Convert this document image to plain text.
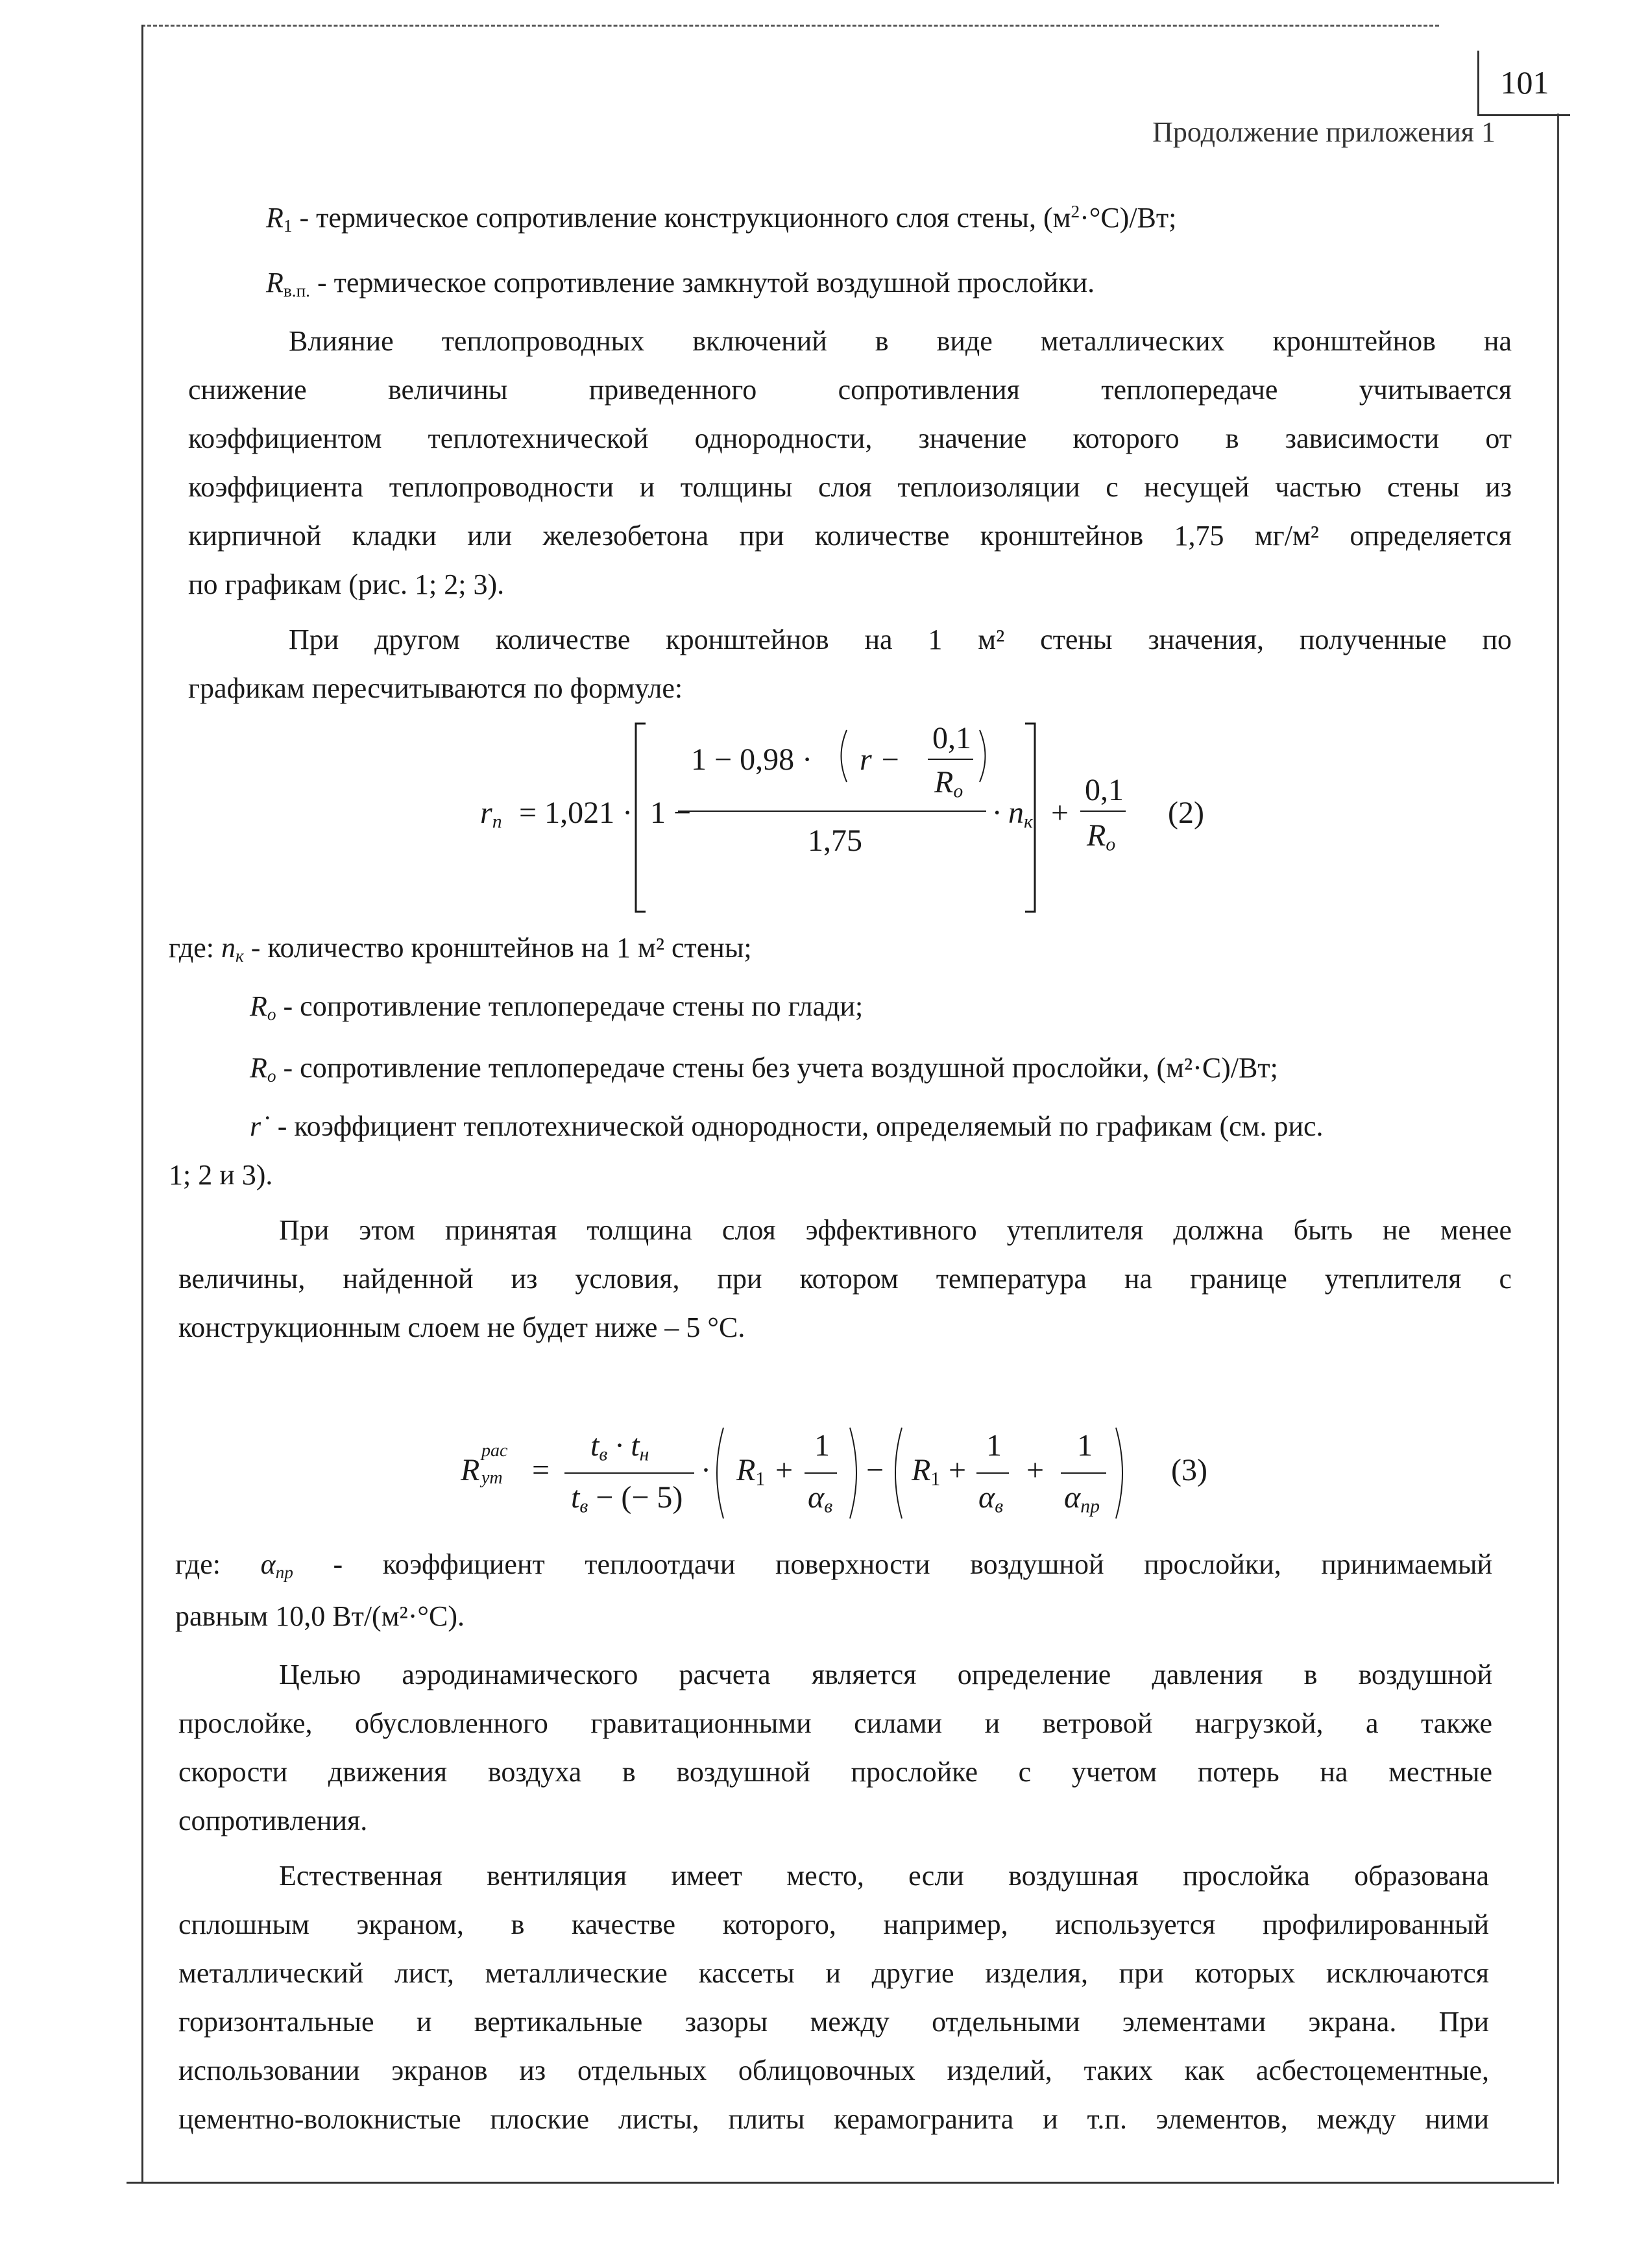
101
Продолжение приложения 1
$R_1$ - термическое сопротивление конструкционного слоя стены, $(м^2\cdot^\circ С)/Вт$;
$R_{в.п.}$ - термическое сопротивление замкнутой воздушной прослойки.
Влияние теплопроводных включений в виде металлических кронштейнов на
снижение величины приведенного сопротивления теплопередаче учитывается
коэффициентом теплотехнической однородности, значение которого в зависимости от
коэффициента теплопроводности и толщины слоя теплоизоляции с несущей частью стены из
кирпичной кладки или железобетона при количестве кронштейнов 1,75 мг/м² определяется
по графикам (рис. 1; 2; 3).
При другом количестве кронштейнов на 1 м² стены значения, полученные по
графикам пересчитываются по формуле:
$r_п = 1,021 \cdot 1$ −
1 − 0,98 · r −
0,1
$R_о$
1,75
· $n_к$ +
0,1
$R_о$
(2)
где: $n_к$ - количество кронштейнов на 1 м² стены;
$R_о$ - сопротивление теплопередаче стены по глади;
$R_о$ - сопротивление теплопередаче стены без учета воздушной прослойки, (м²·С)/Вт;
r˙ - коэффициент теплотехнической однородности, определяемый по графикам (см. рис.
1; 2 и 3).
При этом принятая толщина слоя эффективного утеплителя должна быть не менее
величины, найденной из условия, при котором температура на границе утеплителя с
конструкционным слоем не будет ниже – 5 °С.
R
рас
ут =
$t_в \cdot t_н$
$t_в$ − (− 5)
· $R_1$ +
1
$\alpha_в$
− $R_1$ +
1
$\alpha_в$
+
1
$\alpha_{пр}$
(3)
где: $\alpha_{пр}$ - коэффициент теплоотдачи поверхности воздушной прослойки, принимаемый
равным 10,0 Вт/(м²·°С).
Целью аэродинамического расчета является определение давления в воздушной
прослойке, обусловленного гравитационными силами и ветровой нагрузкой, а также
скорости движения воздуха в воздушной прослойке с учетом потерь на местные
сопротивления.
Естественная вентиляция имеет место, если воздушная прослойка образована
сплошным экраном, в качестве которого, например, используется профилированный
металлический лист, металлические кассеты и другие изделия, при которых исключаются
горизонтальные и вертикальные зазоры между отдельными элементами экрана. При
использовании экранов из отдельных облицовочных изделий, таких как асбестоцементные,
цементно-волокнистые плоские листы, плиты керамогранита и т.п. элементов, между ними
